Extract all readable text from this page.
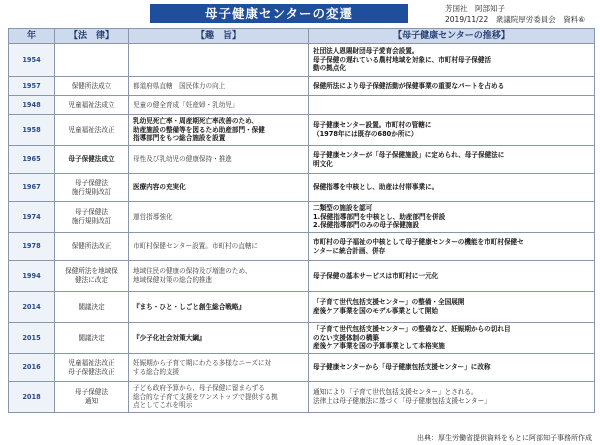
母子健康センターの変遷	芳国社　阿部知子
2019/11/22　衆議院厚労委員会　資料⑥
年	【法　律】	【趣　旨】	【母子健康センターの推移】
1954			社団法人恩賜財団母子愛育会設置。
母子保健の遅れている農村地域を対象に、市町村母子保健活
動の拠点化

1957	保健所法成立	都道府県直轄　国民体力の向上	保健所法により母子保健活動が保健事業の重要なパートを占める

1948	児童福祉法成立	児童の健全育成「妊産婦・乳幼児」	

1958	児童福祉法改正	乳幼児死亡率・周産期死亡率改善のため、
助産施設の整備等を図るため助産部門・保健
指導部門をもつ総合施設を設置	母子健康センター設置。市町村の管轄に
（1978年には既存の680か所に）

1965	母子保健法成立	母性及び乳幼児の健康保持・推進	母子健康センターが「母子保健施設」に定められ、母子保健法に
明文化

1967	母子保健法
施行規則改訂	医療内容の充実化	保健指導を中核とし、助産は付帯事業に。

1974	母子保健法
施行規則改訂	運営指導強化	二類型の施設を認可
1.保健指導部門を中核とし、助産部門を併設
2.保健指導部門のみの母子保健施設

1978	保健所法改正	市町村保健センター設置。市町村の直轄に	市町村の母子福祉の中核として母子健康センターの機能を市町村保健セ
ンターに統合計画、併存

1994	保健所法を地域保
健法に改定	地域住民の健康の保持及び増進のため、
地域保健対策の総合的推進	母子保健の基本サービスは市町村に一元化

2014	閣議決定	『まち・ひと・しごと創生総合戦略』	「子育て世代包括支援センター」の整備・全国展開
産後ケア事業を国のモデル事業として開始

2015	閣議決定	『少子化社会対策大綱』	「子育て世代包括支援センター」の整備など、妊娠期からの切れ目
のない支援体制の構築
産後ケア事業を国の予算事業として本格実施

2016	児童福祉法改正
母子保健法改正	妊娠期から子育て期にわたる多様なニーズに対
する総合的支援	母子健康センターから「母子健康包括支援センター」に改称

2018	母子保健法
通知	子ども政府予算から、母子保健に留まらずる
総合的な子育て支援をワンストップで提供する拠
点としてこれを明示	通知により「子育て世代包括支援センター」とされる。
法律上は母子健康法に基づく「母子健康包括支援センター」
出典：厚生労働省提供資料をもとに阿部知子事務所作成
